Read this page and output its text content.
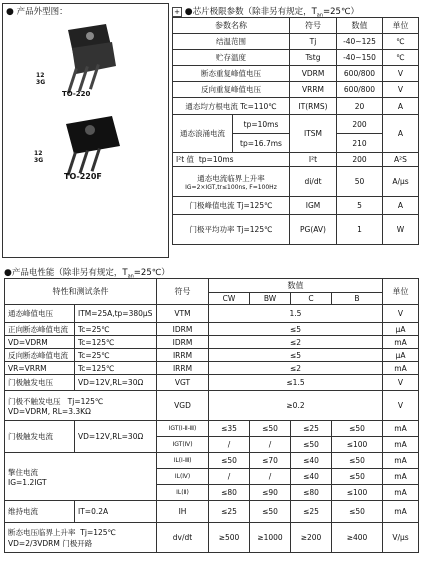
● 产品外型图：
12
3G
TO-220
12
3G
TO-220F
+ ●芯片极限参数（除非另有规定，$T_{an}=25℃$）
参数名称		符号	数值	单位
结温范围		Tj	-40~125	℃
贮存温度		Tstg	-40~150	℃
断态重复峰值电压		VDRM	600/800	V
反向重复峰值电压		VRRM	600/800	V
通态均方根电流 Tc=110℃		IT(RMS)	20	A
通态浪涌电流	tp=10ms	ITSM	200	A
	tp=16.7ms		210	
I²t 值 tp=10ms		I²t	200	A²S

通态电流临界上升率
IG=2×IGT,tr≤100ns, F=100Hz		di/dt	50	A/μs
门极峰值电流 Tj=125℃		IGM	5	A
门极平均功率 Tj=125℃		PG(AV)	1	W
●产品电性能（除非另有规定，$T_{an}=25℃$）
特性和测试条件		符号	数值				单位
			CW	BW	C	B	
通态峰值电压	ITM=25A,tp=380μS	VTM	1.5				V
正向断态峰值电流	Tc=25℃	IDRM	≤5				μA
VD=VDRM	Tc=125℃	IDRM	≤2				mA
反向断态峰值电流	Tc=25℃	IRRM	≤5				μA
VR=VRRM	Tc=125℃	IRRM	≤2				mA
门极触发电压	VD=12V,RL=30Ω	VGT	≤1.5				V

门极不触发电压 Tj=125℃
VD=VDRM, RL=3.3KΩ		VGD	≥0.2				V
门极触发电流	VD=12V,RL=30Ω	IGT(Ⅰ-Ⅱ-Ⅲ)	≤35	≤50	≤25	≤50	mA
		IGT(Ⅳ)	/	/	≤50	≤100	mA

擎住电流
IG=1.2IGT		IL(Ⅰ-Ⅲ)	≤50	≤70	≤40	≤50	mA
		IL(Ⅳ)	/	/	≤40	≤50	mA
		IL(Ⅱ)	≤80	≤90	≤80	≤100	mA
维持电流	IT=0.2A	IH	≤25	≤50	≤25	≤50	mA

断态电压临界上升率 Tj=125℃
VD=2/3VDRM 门极开路		dv/dt	≥500	≥1000	≥200	≥400	V/μs
